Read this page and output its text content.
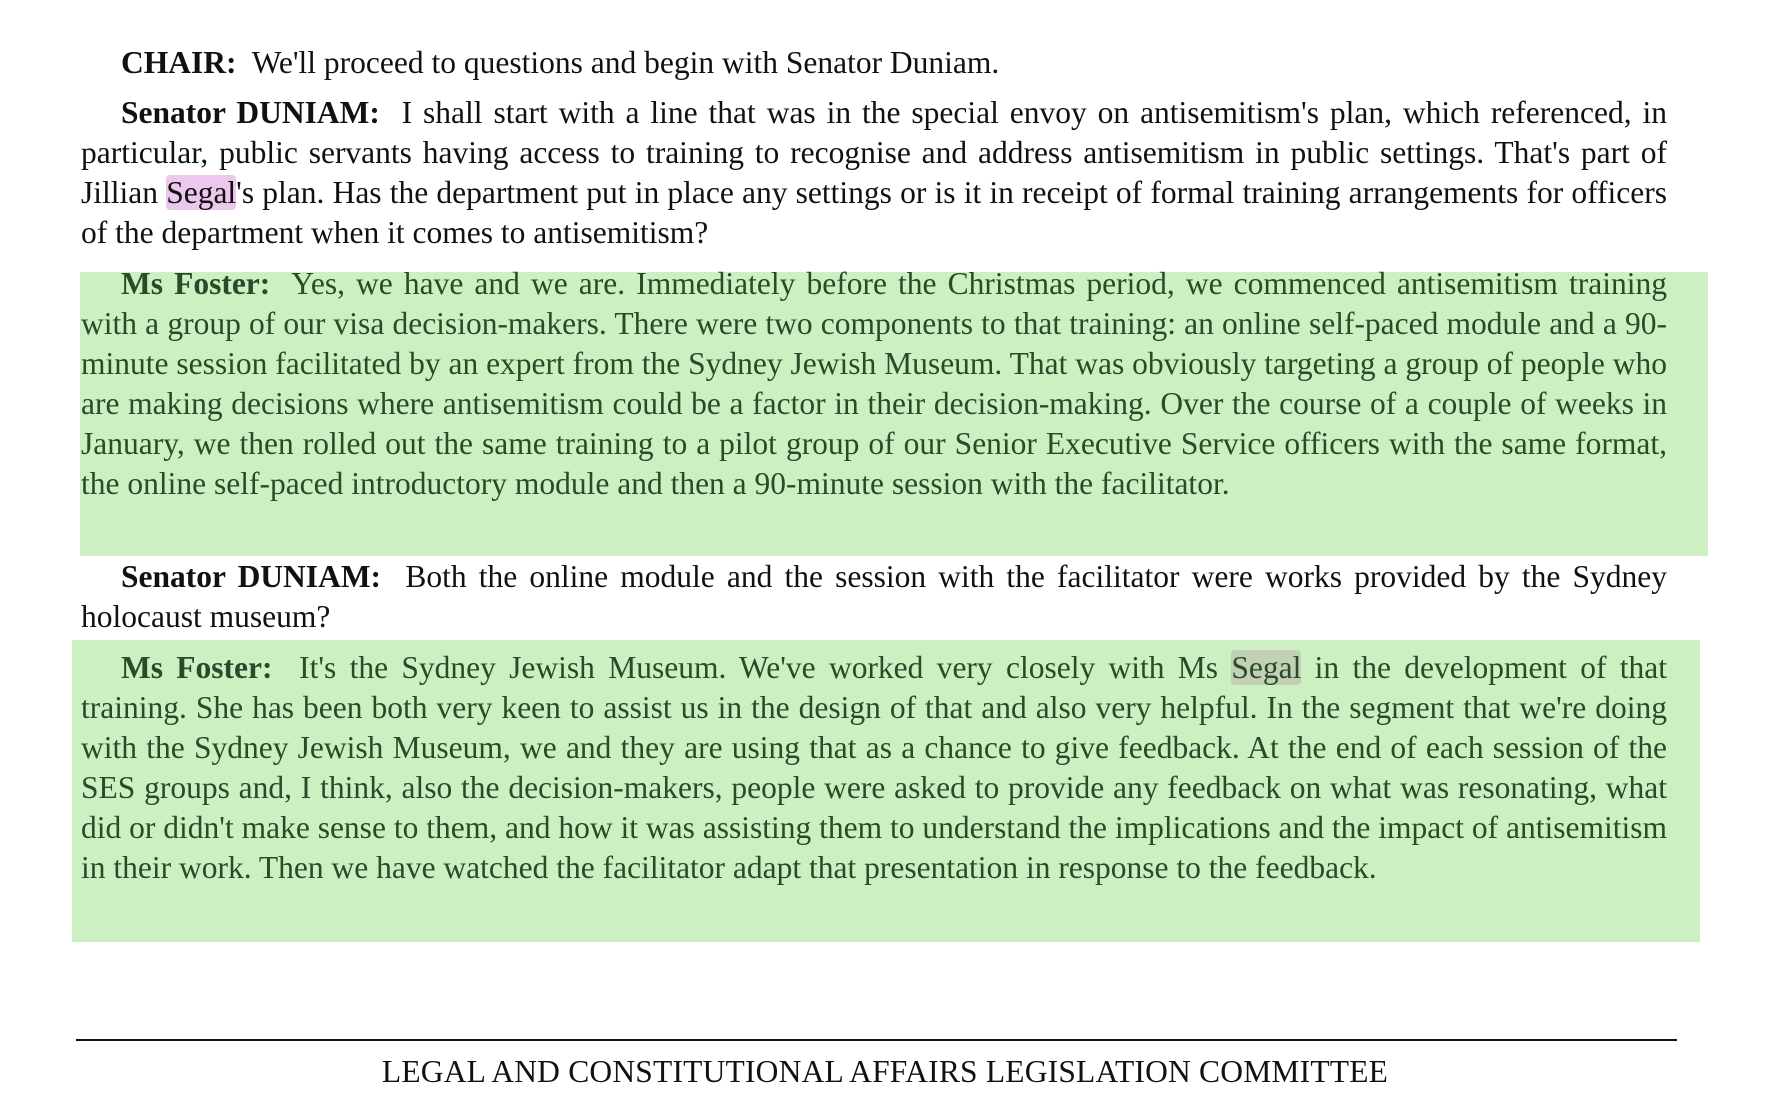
CHAIR: We'll proceed to questions and begin with Senator Duniam.

Senator DUNIAM: I shall start with a line that was in the special envoy on antisemitism's plan, which referenced, in particular, public servants having access to training to recognise and address antisemitism in public settings. That's part of Jillian Segal's plan. Has the department put in place any settings or is it in receipt of formal training arrangements for officers of the department when it comes to antisemitism?

Ms Foster: Yes, we have and we are. Immediately before the Christmas period, we commenced antisemitism training with a group of our visa decision-makers. There were two components to that training: an online self-paced module and a 90-minute session facilitated by an expert from the Sydney Jewish Museum. That was obviously targeting a group of people who are making decisions where antisemitism could be a factor in their decision-making. Over the course of a couple of weeks in January, we then rolled out the same training to a pilot group of our Senior Executive Service officers with the same format, the online self-paced introductory module and then a 90-minute session with the facilitator.

Senator DUNIAM: Both the online module and the session with the facilitator were works provided by the Sydney holocaust museum?

Ms Foster: It's the Sydney Jewish Museum. We've worked very closely with Ms Segal in the development of that training. She has been both very keen to assist us in the design of that and also very helpful. In the segment that we're doing with the Sydney Jewish Museum, we and they are using that as a chance to give feedback. At the end of each session of the SES groups and, I think, also the decision-makers, people were asked to provide any feedback on what was resonating, what did or didn't make sense to them, and how it was assisting them to understand the implications and the impact of antisemitism in their work. Then we have watched the facilitator adapt that presentation in response to the feedback.

LEGAL AND CONSTITUTIONAL AFFAIRS LEGISLATION COMMITTEE
